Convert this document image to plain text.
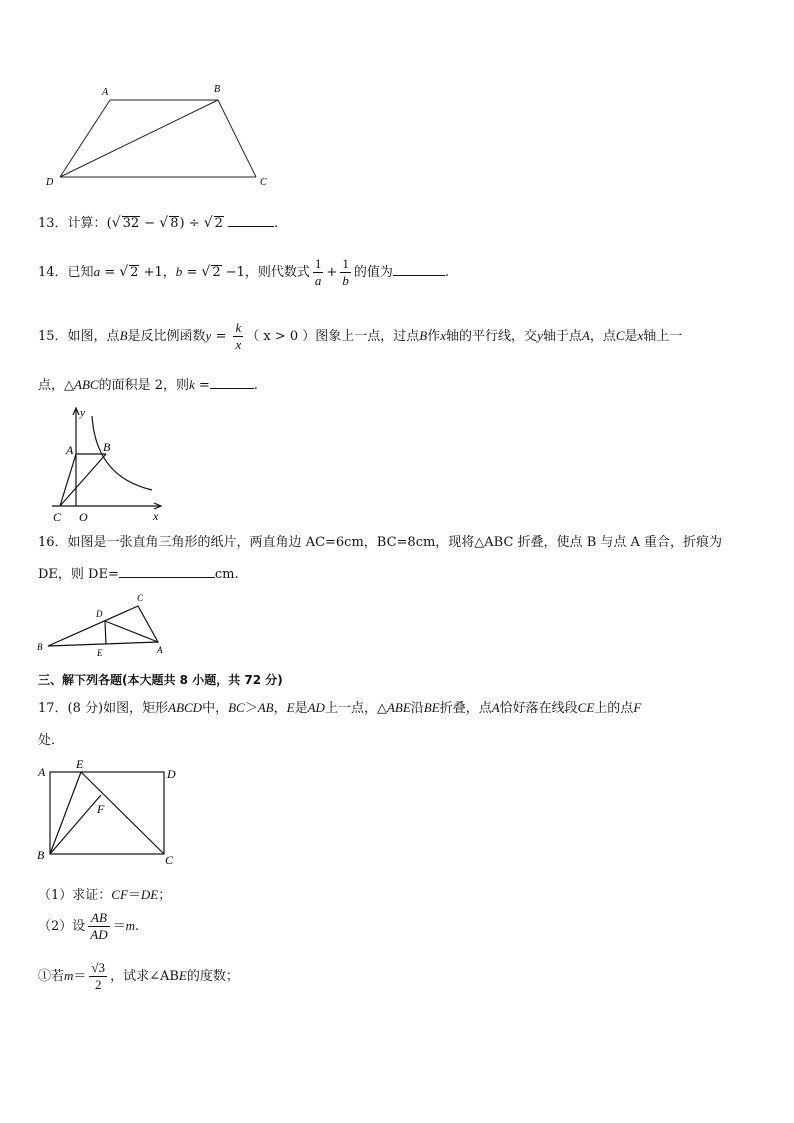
A	B
C
D
13．计算：(√ 32 − √ 8) ÷ √ 2	.
14．已知a = √ 2 +1，b = √ 2 −1，则代数式 $\frac{1}{a} + \frac{1}{b}$ 的值为	.
15．如图，点B是反比例函数$y = \frac{k}{x}$ （ x > 0 ）图象上一点，过点B作x轴的平行线，交y轴于点A，点C是x轴上一
点，△ABC的面积是 2，则k =	.
y
A B
C O	x
16．如图是一张直角三角形的纸片，两直角边 AC=6cm，BC=8cm，现将△ABC 折叠，使点 B 与点 A 重合，折痕为
DE，则 DE=	cm.
B
C
D
E	A
三、解下列各题(本大题共 8 小题，共 72 分)
17．(8 分)如图，矩形ABCD中，BC＞AB，E是AD上一点，△ABE沿BE折叠，点A恰好落在线段CE上的点F
处．
A
E
D
F
B	C
（1）求证：CF＝DE；
（2）设 $\frac{AB}{AD} =m$.
①若$m= \frac{√3}{2}$ ，试求∠ABE的度数；
